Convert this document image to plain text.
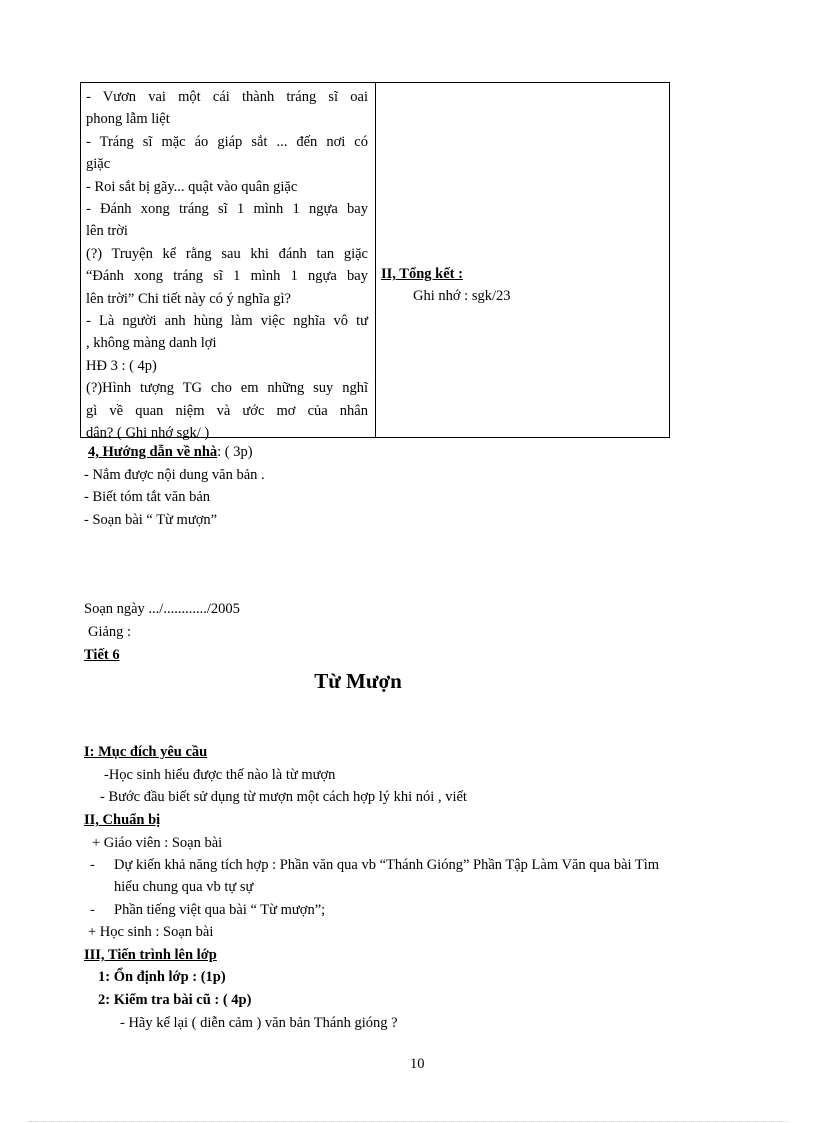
- Vươn vai một cái thành tráng sĩ oai
phong lẫm liệt
- Tráng sĩ mặc áo giáp sắt ... đến nơi có
giặc
- Roi sắt bị gãy... quật vào quân giặc
- Đánh xong tráng sĩ 1 mình 1 ngựa bay
lên trời
(?) Truyện kể rằng sau khi đánh tan giặc
“Đánh xong tráng sĩ 1 mình 1 ngựa bay
lên trời” Chi tiết này có ý nghĩa gì?
- Là người anh hùng làm việc nghĩa vô tư
, không màng danh lợi
HĐ 3 : ( 4p)
(?)Hình tượng TG cho em những suy nghĩ
gì về quan niệm và ước mơ của nhân
dân? ( Ghi nhớ sgk/ )
II, Tổng kết :
Ghi nhớ : sgk/23
4, Hướng dẫn về nhà: ( 3p)
- Nắm được nội dung văn bản .
- Biết tóm tắt văn bản
- Soạn bài “ Từ mượn”
Soạn ngày .../............/2005
Giảng :
Tiết 6
Từ Mượn
I: Mục đích yêu cầu
-Học sinh hiểu được thế nào là từ mượn
- Bước đầu biết sử dụng từ mượn một cách hợp lý khi nói , viết
II, Chuẩn bị
+ Giáo viên : Soạn bài
- Dự kiến khả năng tích hợp : Phần văn qua vb “Thánh Gióng” Phần Tập Làm Văn qua bài Tìm
hiểu chung qua vb tự sự
- Phần tiếng việt qua bài “ Từ mượn”;
+ Học sinh : Soạn bài
III, Tiến trình lên lớp
1: Ổn định lớp : (1p)
2: Kiểm tra bài cũ : ( 4p)
- Hãy kể lại ( diễn cảm ) văn bản Thánh gióng ?
10
